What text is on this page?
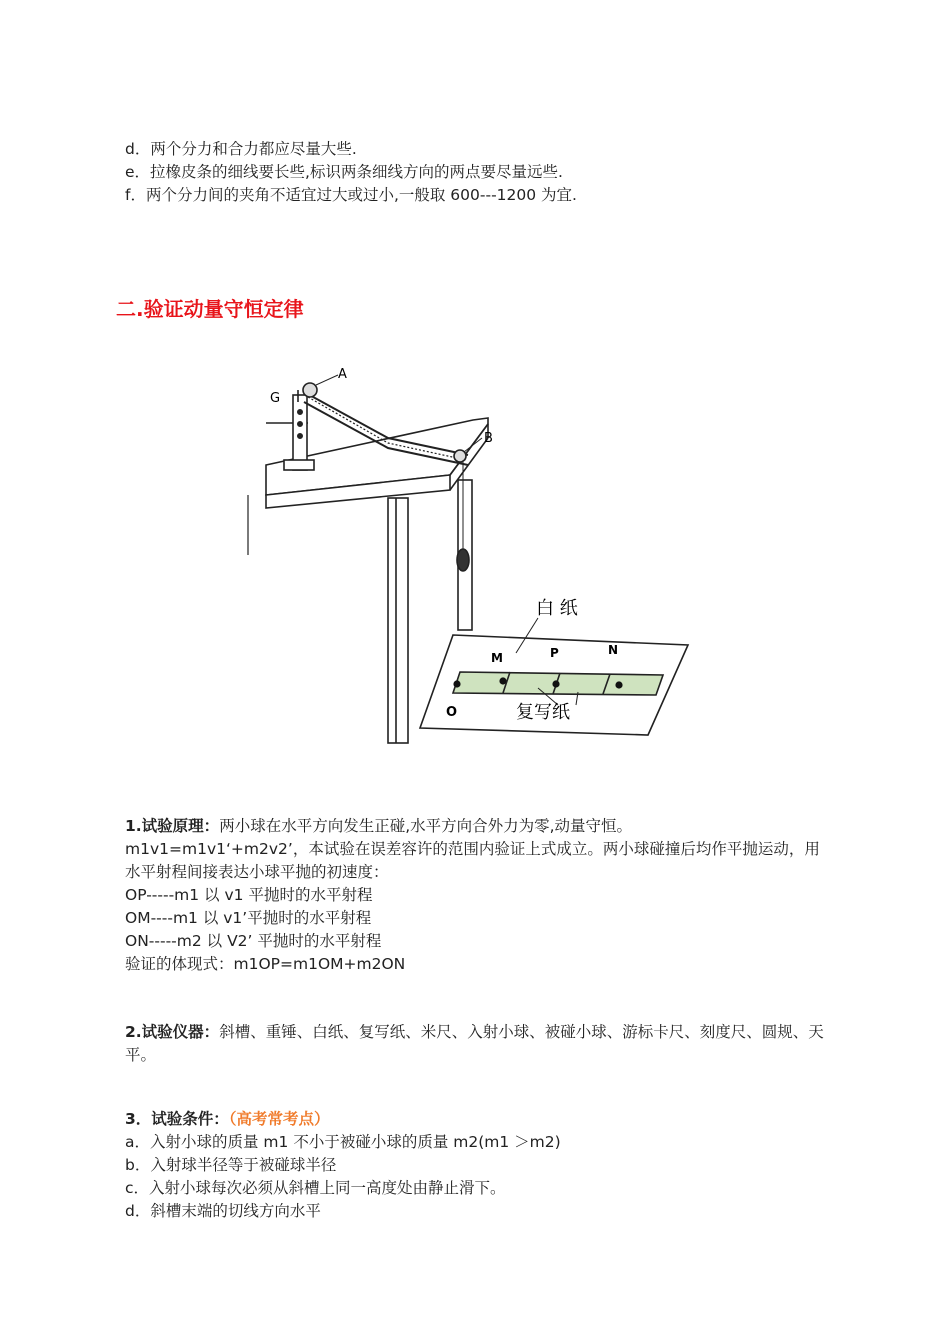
d．两个分力和合力都应尽量大些.
e．拉橡皮条的细线要长些,标识两条细线方向的两点要尽量远些.
f．两个分力间的夹角不适宜过大或过小,一般取 600---1200 为宜.
二.验证动量守恒定律
A
G
B
白 纸
M	P	N
O	复写纸
1.试验原理：两小球在水平方向发生正碰,水平方向合外力为零,动量守恒。
m1v1=m1v1‘+m2v2’，本试验在误差容许的范围内验证上式成立。两小球碰撞后均作平抛运动，用水平射程间接表达小球平抛的初速度：
OP-----m1 以 v1 平抛时的水平射程
OM----m1 以 v1’平抛时的水平射程
ON-----m2 以 V2’ 平抛时的水平射程
验证的体现式：m1OP=m1OM+m2ON
2.试验仪器：斜槽、重锤、白纸、复写纸、米尺、入射小球、被碰小球、游标卡尺、刻度尺、圆规、天平。
3．试验条件：（高考常考点）
a．入射小球的质量 m1 不小于被碰小球的质量 m2(m1 ＞m2)
b．入射球半径等于被碰球半径
c．入射小球每次必须从斜槽上同一高度处由静止滑下。
d．斜槽末端的切线方向水平
